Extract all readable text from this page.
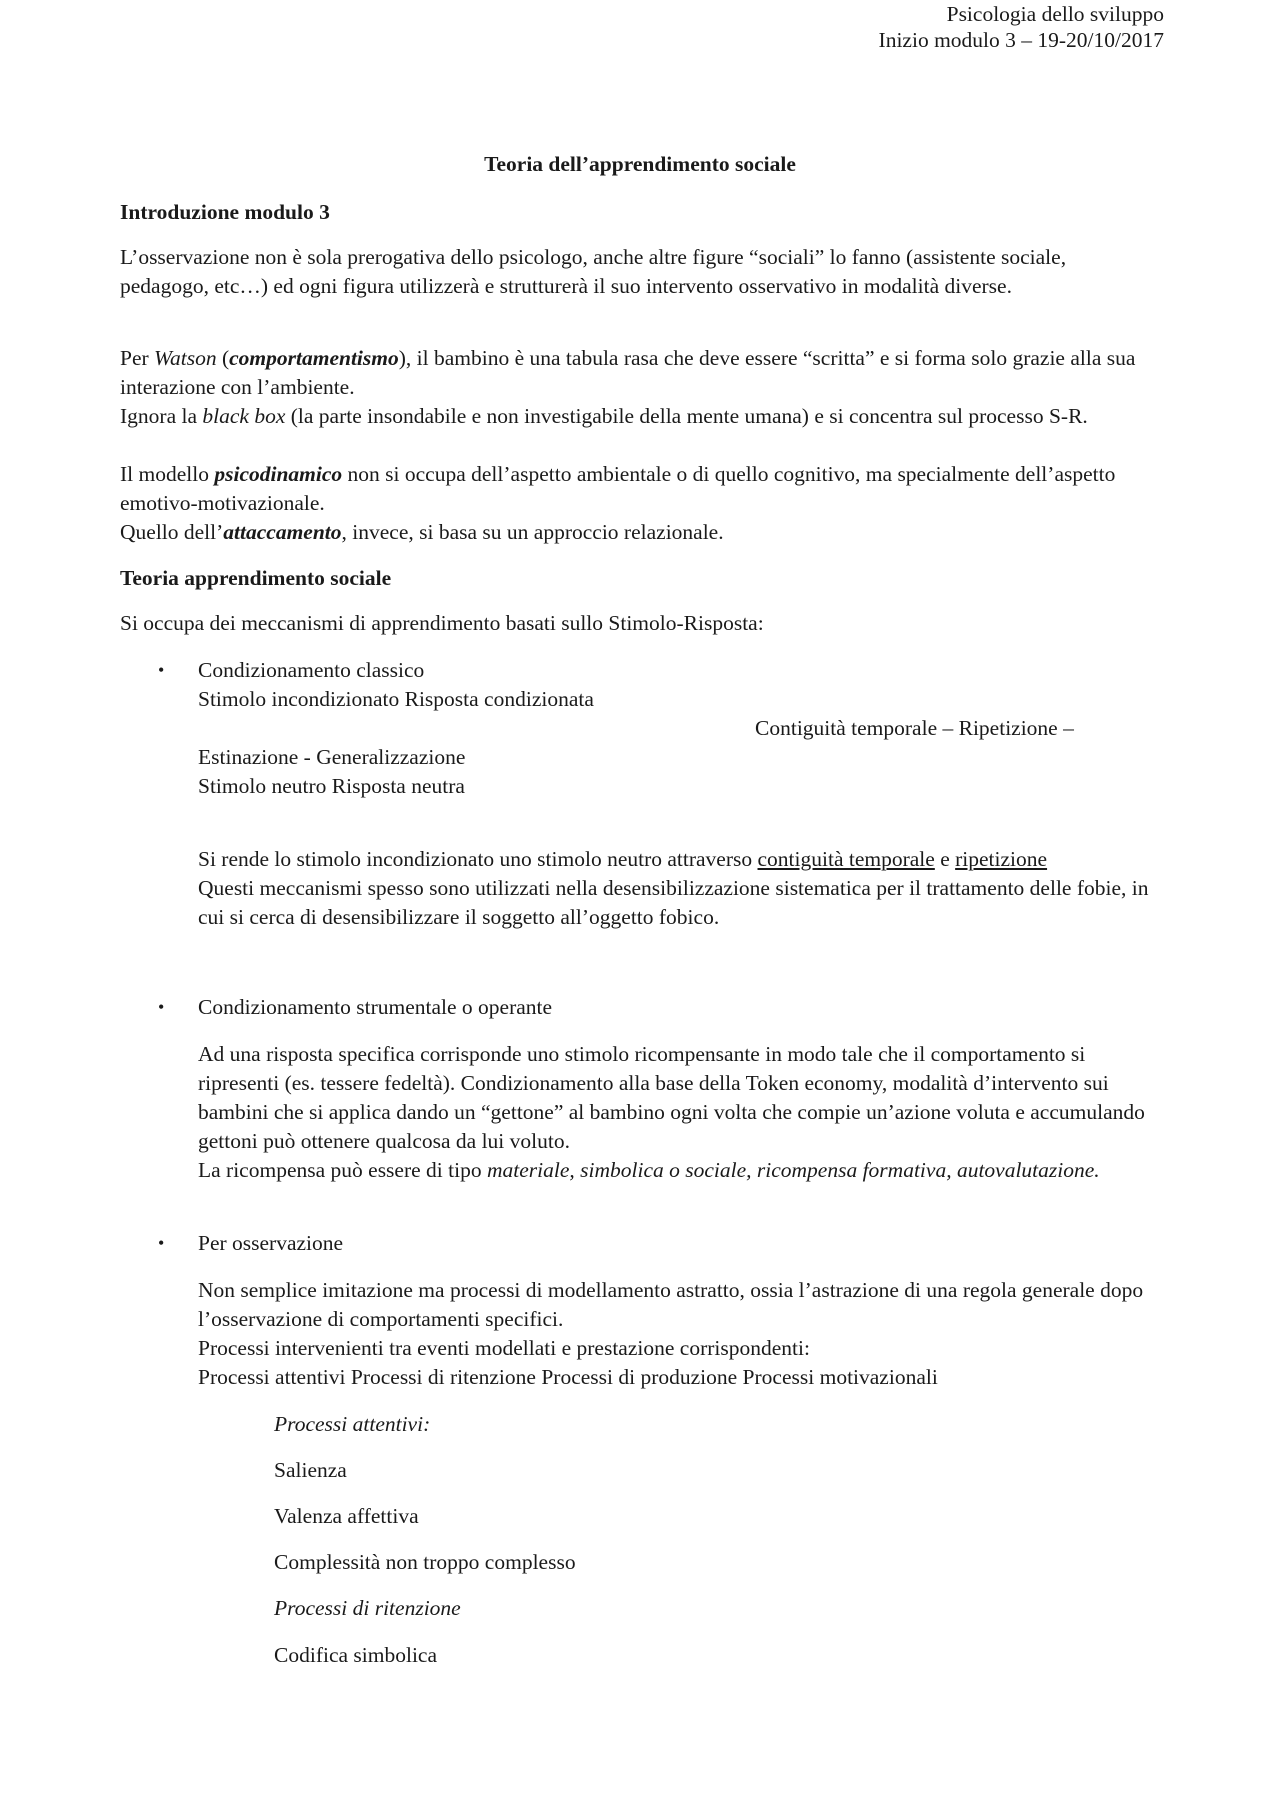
Psicologia dello sviluppo
Inizio modulo 3 – 19-20/10/2017
Teoria dell’apprendimento sociale
Introduzione modulo 3

L’osservazione non è sola prerogativa dello psicologo, anche altre figure “sociali” lo fanno (assistente sociale, pedagogo, etc…) ed ogni figura utilizzerà e strutturerà il suo intervento osservativo in modalità diverse.

Per Watson (comportamentismo), il bambino è una tabula rasa che deve essere “scritta” e si forma solo grazie alla sua interazione con l’ambiente.

Ignora la black box (la parte insondabile e non investigabile della mente umana) e si concentra sul processo S-R.

Il modello psicodinamico non si occupa dell’aspetto ambientale o di quello cognitivo, ma specialmente dell’aspetto emotivo-motivazionale.

Quello dell’attaccamento, invece, si basa su un approccio relazionale.

Teoria apprendimento sociale
Si occupa dei meccanismi di apprendimento basati sullo Stimolo-Risposta:
• Condizionamento classico
Stimolo incondizionato Risposta condizionata
Contiguità temporale – Ripetizione –
Estinazione - Generalizzazione
Stimolo neutro Risposta neutra

Si rende lo stimolo incondizionato uno stimolo neutro attraverso contiguità temporale e ripetizione

Questi meccanismi spesso sono utilizzati nella desensibilizzazione sistematica per il trattamento delle fobie, in cui si cerca di desensibilizzare il soggetto all’oggetto fobico.

• Condizionamento strumentale o operante

Ad una risposta specifica corrisponde uno stimolo ricompensante in modo tale che il comportamento si ripresenti (es. tessere fedeltà). Condizionamento alla base della Token economy, modalità d’intervento sui bambini che si applica dando un “gettone” al bambino ogni volta che compie un’azione voluta e accumulando gettoni può ottenere qualcosa da lui voluto.

La ricompensa può essere di tipo materiale, simbolica o sociale, ricompensa formativa, autovalutazione.

• Per osservazione

Non semplice imitazione ma processi di modellamento astratto, ossia l’astrazione di una regola generale dopo l’osservazione di comportamenti specifici.

Processi intervenienti tra eventi modellati e prestazione corrispondenti:
Processi attentivi Processi di ritenzione Processi di produzione Processi motivazionali
Processi attentivi:
Salienza
Valenza affettiva
Complessità non troppo complesso
Processi di ritenzione
Codifica simbolica
